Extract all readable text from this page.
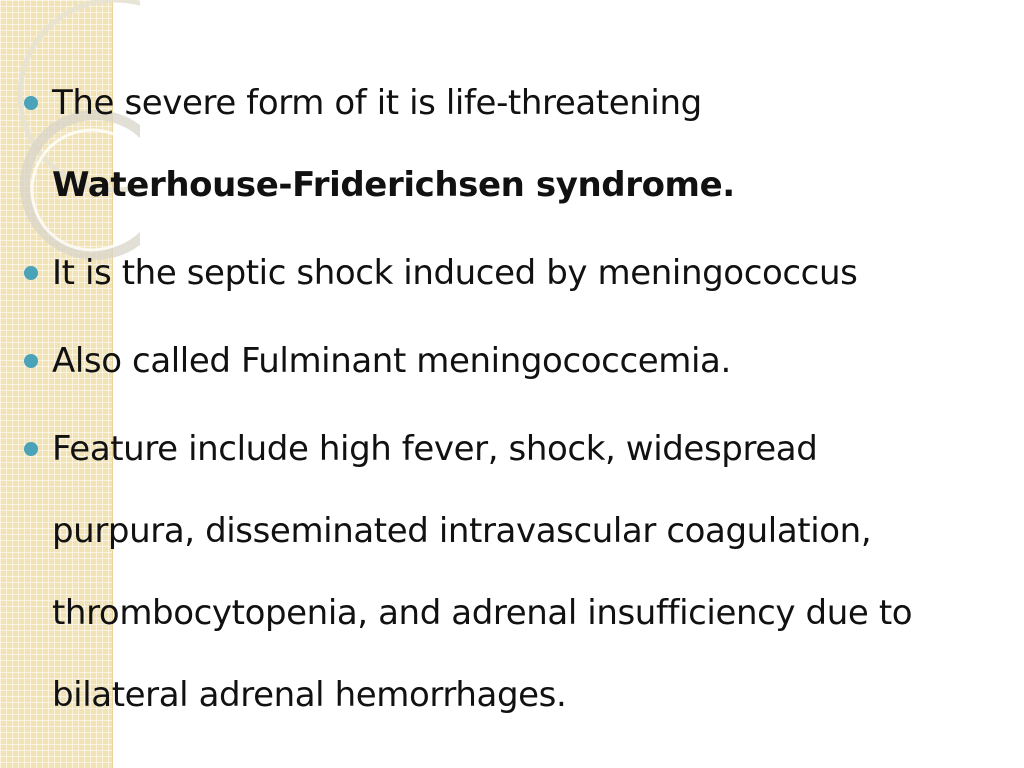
The severe form of it is life-threatening
Waterhouse-Friderichsen syndrome.
It is the septic shock induced by meningococcus
Also called Fulminant meningococcemia.
Feature include high fever, shock, widespread
purpura, disseminated intravascular coagulation,
thrombocytopenia, and adrenal insufficiency due to
bilateral adrenal hemorrhages.
